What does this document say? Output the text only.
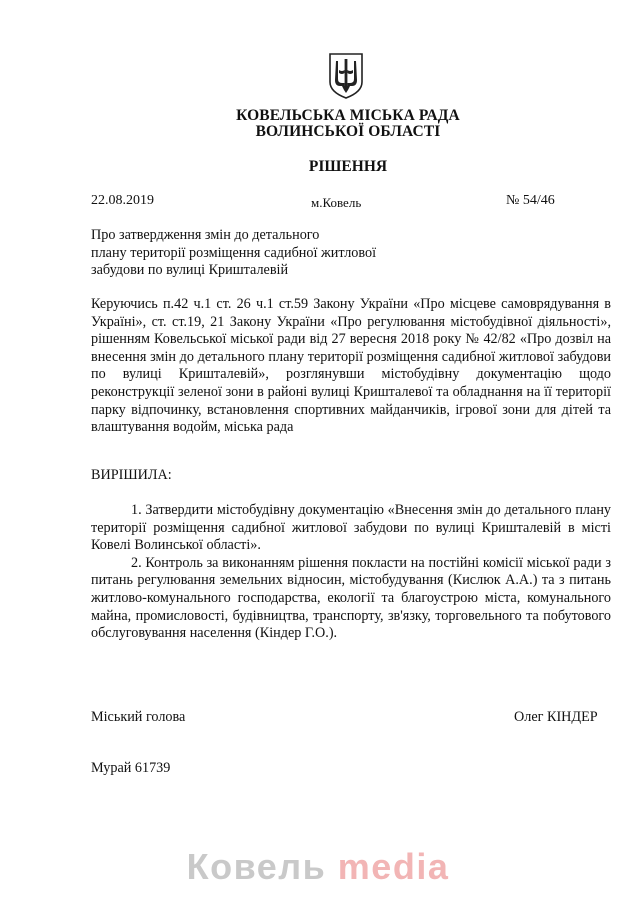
КОВЕЛЬСЬКА МІСЬКА РАДА
ВОЛИНСЬКОЇ ОБЛАСТІ
РІШЕННЯ
22.08.2019	м.Ковель	№ 54/46
Про затвердження змін до детального
плану території розміщення садибної житлової
забудови по вулиці Кришталевій
Керуючись п.42 ч.1 ст. 26 ч.1 ст.59 Закону України «Про місцеве самоврядування в Україні», ст. ст.19, 21 Закону України «Про регулювання містобудівної діяльності», рішенням Ковельської міської ради від 27 вересня 2018 року № 42/82 «Про дозвіл на внесення змін до детального плану території розміщення садибної житлової забудови по вулиці Кришталевій», розглянувши містобудівну документацію щодо реконструкції зеленої зони в районі вулиці Кришталевої та обладнання на її території парку відпочинку, встановлення спортивних майданчиків, ігрової зони для дітей та влаштування водойм, міська рада
ВИРІШИЛА:
1. Затвердити містобудівну документацію «Внесення змін до детального плану території розміщення садибної житлової забудови по вулиці Кришталевій в місті Ковелі Волинської області».
2. Контроль за виконанням рішення покласти на постійні комісії міської ради з питань регулювання земельних відносин, містобудування (Кислюк А.А.) та з питань житлово-комунального господарства, екології та благоустрою міста, комунального майна, промисловості, будівництва, транспорту, зв'язку, торговельного та побутового обслуговування населення (Кіндер Г.О.).
Міський голова	Олег КІНДЕР
Мурай 61739
Ковель media
